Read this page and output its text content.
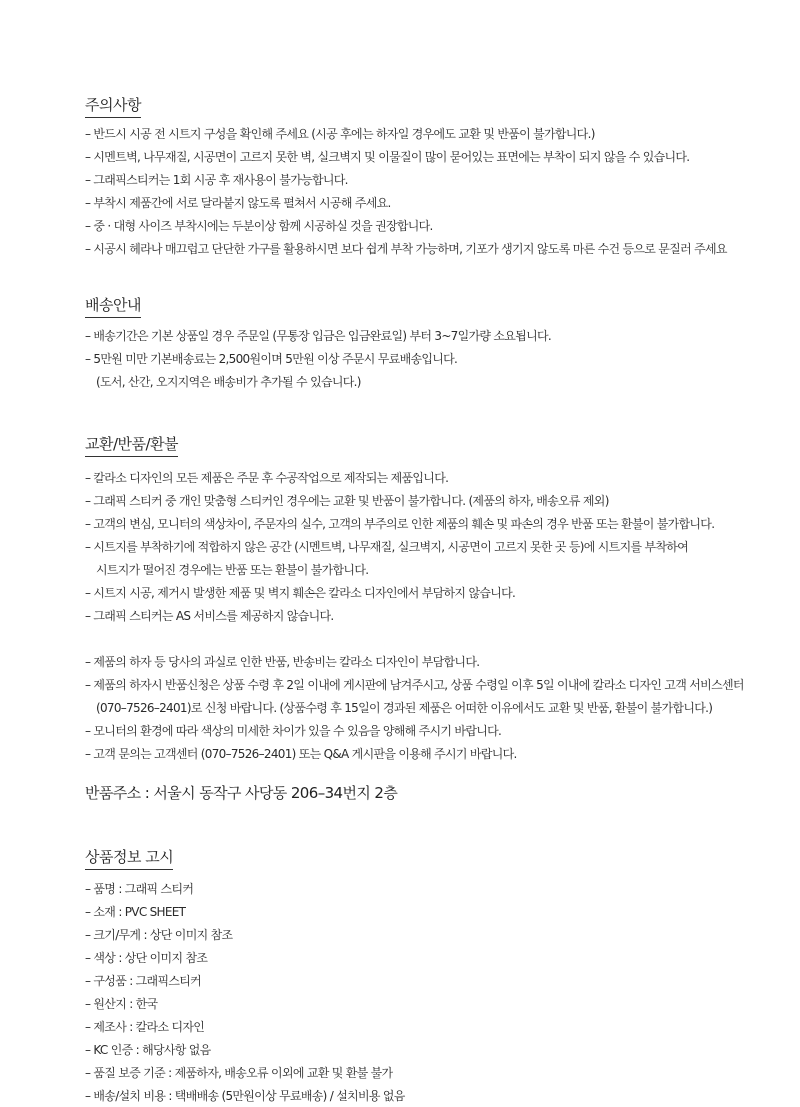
주의사항
– 반드시 시공 전 시트지 구성을 확인해 주세요 (시공 후에는 하자일 경우에도 교환 및 반품이 불가합니다.)
– 시멘트벽, 나무재질, 시공면이 고르지 못한 벽, 실크벽지 및 이물질이 많이 묻어있는 표면에는 부착이 되지 않을 수 있습니다.
– 그래픽스티커는 1회 시공 후 재사용이 불가능합니다.
– 부착시 제품간에 서로 달라붙지 않도록 펼쳐서 시공해 주세요.
– 중 · 대형 사이즈 부착시에는 두분이상 함께 시공하실 것을 권장합니다.
– 시공시 헤라나 매끄럽고 단단한 가구를 활용하시면 보다 쉽게 부착 가능하며, 기포가 생기지 않도록 마른 수건 등으로 문질러 주세요
배송안내
– 배송기간은 기본 상품일 경우 주문일 (무통장 입금은 입금완료일) 부터 3~7일가량 소요됩니다.
– 5만원 미만 기본배송료는 2,500원이며 5만원 이상 주문시 무료배송입니다.
(도서, 산간, 오지지역은 배송비가 추가될 수 있습니다.)
교환/반품/환불
– 칼라소 디자인의 모든 제품은 주문 후 수공작업으로 제작되는 제품입니다.
– 그래픽 스티커 중 개인 맞춤형 스티커인 경우에는 교환 및 반품이 불가합니다. (제품의 하자, 배송오류 제외)
– 고객의 변심, 모니터의 색상차이, 주문자의 실수, 고객의 부주의로 인한 제품의 훼손 및 파손의 경우 반품 또는 환불이 불가합니다.
– 시트지를 부착하기에 적합하지 않은 공간 (시멘트벽, 나무재질, 실크벽지, 시공면이 고르지 못한 곳 등)에 시트지를 부착하여
시트지가 떨어진 경우에는 반품 또는 환불이 불가합니다.
– 시트지 시공, 제거시 발생한 제품 및 벽지 훼손은 칼라소 디자인에서 부담하지 않습니다.
– 그래픽 스티커는 AS 서비스를 제공하지 않습니다.
– 제품의 하자 등 당사의 과실로 인한 반품, 반송비는 칼라소 디자인이 부담합니다.
– 제품의 하자시 반품신청은 상품 수령 후 2일 이내에 게시판에 남겨주시고, 상품 수령일 이후 5일 이내에 칼라소 디자인 고객 서비스센터
(070–7526–2401)로 신청 바랍니다. (상품수령 후 15일이 경과된 제품은 어떠한 이유에서도 교환 및 반품, 환불이 불가합니다.)
– 모니터의 환경에 따라 색상의 미세한 차이가 있을 수 있음을 양해해 주시기 바랍니다.
– 고객 문의는 고객센터 (070–7526–2401) 또는 Q&A 게시판을 이용해 주시기 바랍니다.
반품주소 : 서울시 동작구 사당동 206–34번지 2층
상품정보 고시
– 품명 : 그래픽 스티커
– 소재 : PVC SHEET
– 크기/무게 : 상단 이미지 참조
– 색상 : 상단 이미지 참조
– 구성품 : 그래픽스티커
– 원산지 : 한국
– 제조사 : 칼라소 디자인
– KC 인증 : 해당사항 없음
– 품질 보증 기준 : 제품하자, 배송오류 이외에 교환 및 환불 불가
– 배송/설치 비용 : 택배배송 (5만원이상 무료배송) / 설치비용 없음
